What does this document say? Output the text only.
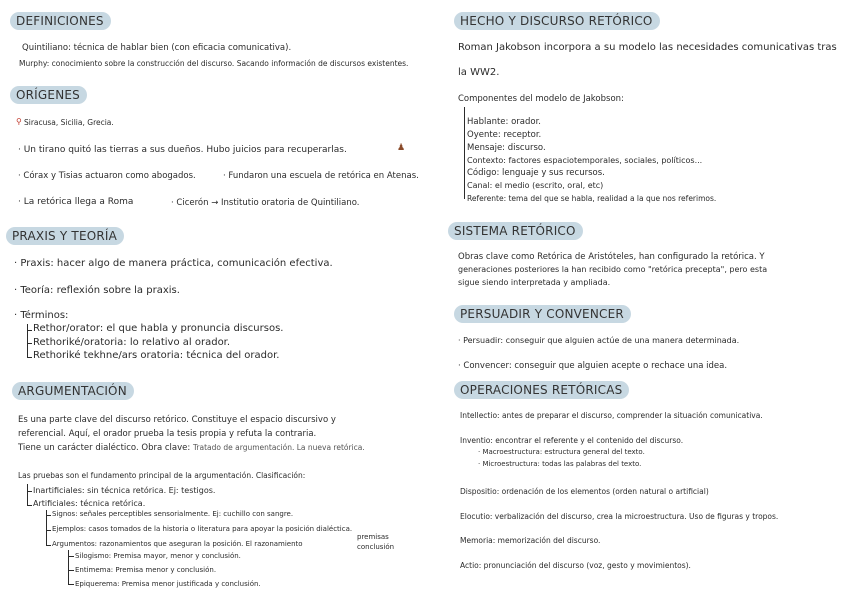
DEFINICIONES
Quintiliano: técnica de hablar bien (con eficacia comunicativa).
Murphy: conocimiento sobre la construcción del discurso. Sacando información de discursos existentes.
ORÍGENES
⚲ Siracusa, Sicilia, Grecia.
· Un tirano quitó las tierras a sus dueños. Hubo juicios para recuperarlas.	♟
· Córax y Tisias actuaron como abogados.	· Fundaron una escuela de retórica en Atenas.
· La retórica llega a Roma	· Cicerón → Institutio oratoria de Quintiliano.
PRAXIS Y TEORÍA
· Praxis: hacer algo de manera práctica, comunicación efectiva.
· Teoría: reflexión sobre la praxis.
· Términos:
Rethor/orator: el que habla y pronuncia discursos.
Rethoriké/oratoria: lo relativo al orador.
Rethoriké tekhne/ars oratoria: técnica del orador.
ARGUMENTACIÓN
Es una parte clave del discurso retórico. Constituye el espacio discursivo y
referencial. Aquí, el orador prueba la tesis propia y refuta la contraria.
Tiene un carácter dialéctico. Obra clave: Tratado de argumentación. La nueva retórica.
Las pruebas son el fundamento principal de la argumentación. Clasificación:
Inartificiales: sin técnica retórica. Ej: testigos.
Artificiales: técnica retórica.
Signos: señales perceptibles sensorialmente. Ej: cuchillo con sangre.
Ejemplos: casos tomados de la historia o literatura para apoyar la posición dialéctica.
Argumentos: razonamientos que aseguran la posición. El razonamiento
premisas
conclusión
Silogismo: Premisa mayor, menor y conclusión.
Entimema: Premisa menor y conclusión.
Epiquerema: Premisa menor justificada y conclusión.
HECHO Y DISCURSO RETÓRICO
Roman Jakobson incorpora a su modelo las necesidades comunicativas tras
la WW2.
Componentes del modelo de Jakobson:
Hablante: orador.
Oyente: receptor.
Mensaje: discurso.
Contexto: factores espaciotemporales, sociales, políticos...
Código: lenguaje y sus recursos.
Canal: el medio (escrito, oral, etc)
Referente: tema del que se habla, realidad a la que nos referimos.
SISTEMA RETÓRICO
Obras clave como Retórica de Aristóteles, han configurado la retórica. Y
generaciones posteriores la han recibido como "retórica precepta", pero esta
sigue siendo interpretada y ampliada.
PERSUADIR Y CONVENCER
· Persuadir: conseguir que alguien actúe de una manera determinada.
· Convencer: conseguir que alguien acepte o rechace una idea.
OPERACIONES RETÓRICAS
Intellectio: antes de preparar el discurso, comprender la situación comunicativa.
Inventio: encontrar el referente y el contenido del discurso.
· Macroestructura: estructura general del texto.
· Microestructura: todas las palabras del texto.
Dispositio: ordenación de los elementos (orden natural o artificial)
Elocutio: verbalización del discurso, crea la microestructura. Uso de figuras y tropos.
Memoria: memorización del discurso.
Actio: pronunciación del discurso (voz, gesto y movimientos).
